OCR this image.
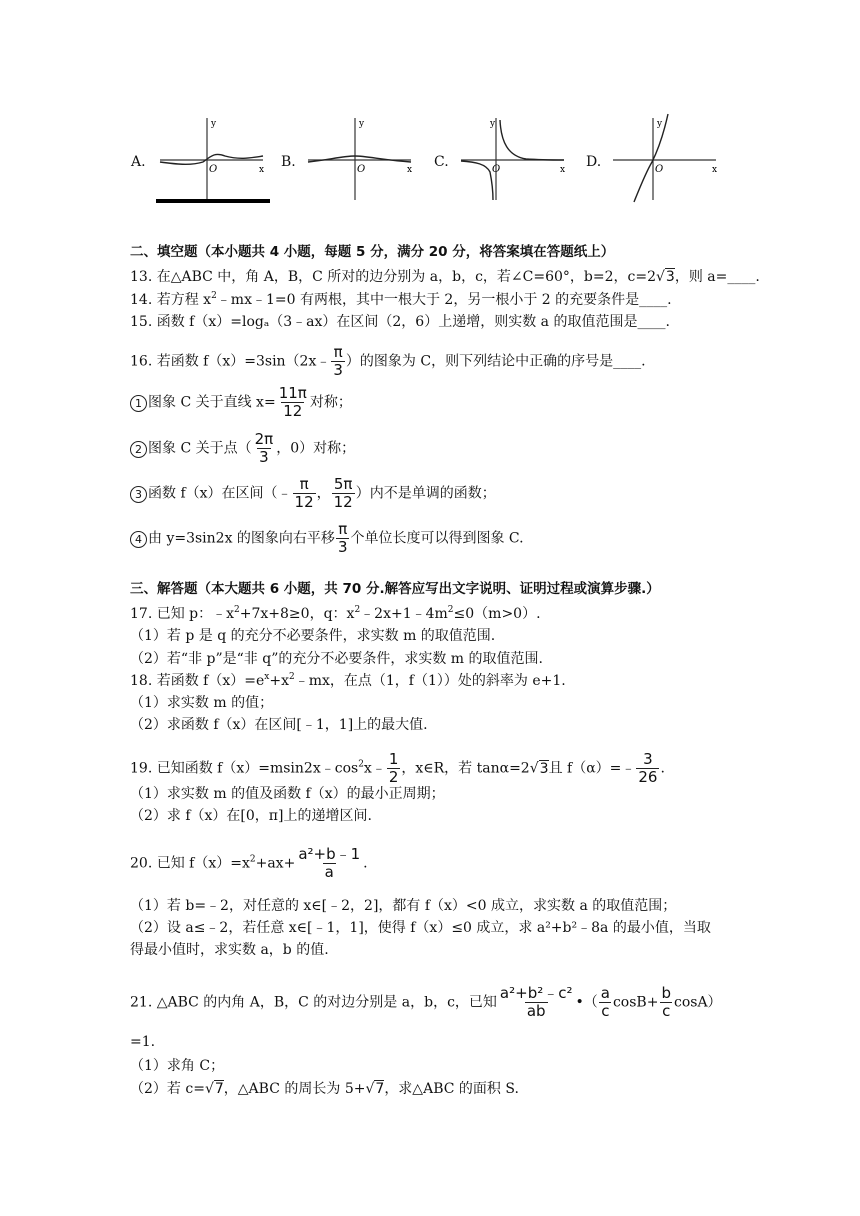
A.
y
x
O	B.
y
x
O	C.
y
x
O	D.
y
x
O
二、填空题（本小题共 4 小题，每题 5 分，满分 20 分，将答案填在答题纸上）
13. 在△ABC 中，角 A，B，C 所对的边分别为 a，b，c，若∠C=60°，b=2，c=2√3，则 a=____.
14. 若方程 $x^2﹣mx﹣1=0$ 有两根，其中一根大于 2，另一根小于 2 的充要条件是____.
15. 函数 f（x）=logₐ（3﹣ax）在区间（2，6）上递增，则实数 a 的取值范围是____.
16. 若函数 f（x）=3sin（2x﹣ $\frac{\pi}{3}$ ）的图象为 C，则下列结论中正确的序号是____.
1 图象 C 关于直线 $x= \frac{11\pi}{12}$ 对称；
2 图象 C 关于点（ $\frac{2\pi}{3}$ ，0）对称；
3 函数 f（x）在区间（﹣ $\frac{\pi}{12}$ ， $\frac{5\pi}{12}$ ）内不是单调的函数；
4 由 y=3sin2x 的图象向右平移 $\frac{\pi}{3}$ 个单位长度可以得到图象 C.
三、解答题（本大题共 6 小题，共 70 分.解答应写出文字说明、证明过程或演算步骤.）
17. 已知 p：$﹣x^2+7x+8\ge 0$，q：$x^2﹣2x+1﹣4m^2\le 0(m>0)$.
（1）若 p 是 q 的充分不必要条件，求实数 m 的取值范围.
（2）若“非 p”是“非 q”的充分不必要条件，求实数 m 的取值范围.
18. 若函数 $f(x)=e^x+x^2﹣mx$，在点（1，f（1））处的斜率为 e+1.
（1）求实数 m 的值；
（2）求函数 f（x）在区间[﹣1，1]上的最大值.
19. 已知函数 $f(x)=msin2x﹣\cos^2x﹣ \frac{1}{2}$ ，x∈R，若 tanα=2√3且 f（α）=﹣ $\frac{3}{26}$ .
（1）求实数 m 的值及函数 f（x）的最小正周期；
（2）求 f（x）在[0，π]上的递增区间.
20. 已知 $f(x)=x^2+ax+ \frac{\text{a²+b﹣1}}{a}$ .
（1）若 b=﹣2，对任意的 x∈[﹣2，2]，都有 f（x）<0 成立，求实数 a 的取值范围；
（2）设 a≤﹣2，若任意 x∈[﹣1，1]，使得 f（x）≤0 成立，求 a²+b²﹣8a 的最小值，当取
得最小值时，求实数 a，b 的值.
21. △ABC 的内角 A，B，C 的对边分别是 a，b，c，已知 $\frac{\text{a²+b²﹣c²}}{ab}$ •（ $\frac{a}{c} \cos B+ \frac{b}{c} \cos A$）
=1.
（1）求角 C；
（2）若 c=√7，△ABC 的周长为 5+√7，求△ABC 的面积 S.
